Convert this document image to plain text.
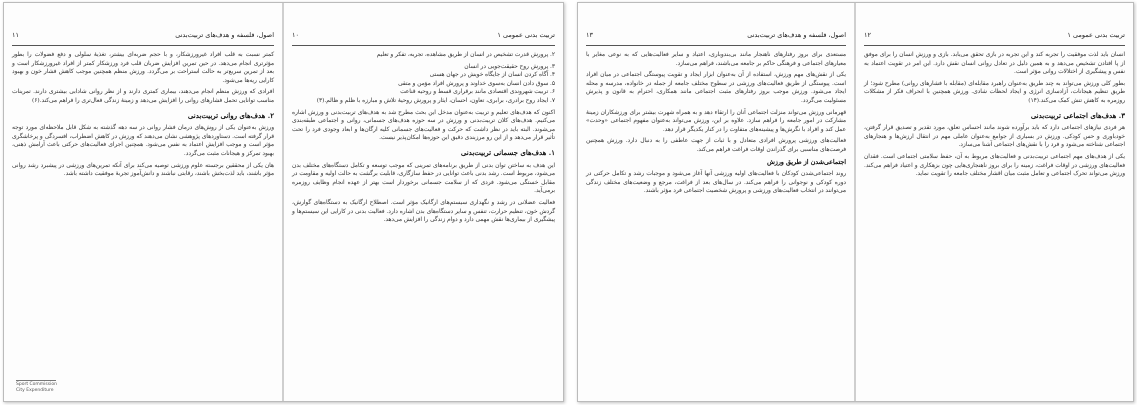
اصول، فلسفه و هدف‌های تربیت‌بدنی
۱۱

کمتر نسبت به قلب افراد غیرورزشکار، و با حجم ضربه‌ای بیشتر، تغذیهٔ سلولی و دفع فضولات را بطور مؤثرتری انجام می‌دهد. در حین تمرین افزایش ضربان قلب فرد ورزشکار کمتر از افراد غیرورزشکار است و بعد از تمرین سریع‌تر به حالت استراحت بر می‌گردد. ورزش منظم همچنین موجب کاهش فشار خون و بهبود کارایی ریه‌ها می‌شود.

افرادی که ورزش منظم انجام می‌دهند، بیماری کمتری دارند و از نظر روانی شادابی بیشتری دارند. تمرینات مناسب توانایی تحمل فشارهای روانی را افزایش می‌دهد و زمینهٔ زندگی فعال‌تری را فراهم می‌کند.(۶)

۲. هدف‌های روانی تربیت‌بدنی

ورزش به‌عنوان یکی از روش‌های درمان فشار روانی در سه دهه گذشته به شکل قابل ملاحظه‌ای مورد توجه قرار گرفته است. دستاوردهای پژوهشی نشان می‌دهند که ورزش در کاهش اضطراب، افسردگی و پرخاشگری مؤثر است و موجب افزایش اعتماد به نفس می‌شود. همچنین اجرای فعالیت‌های حرکتی باعث آرامش ذهنی، بهبود تمرکز و هیجانات مثبت می‌گردد.

هان یکی از محققین برجسته علوم ورزشی توصیه می‌کند برای آنکه تمرین‌های ورزشی در پیشبرد رشد روانی مؤثر باشند، باید لذت‌بخش باشند، رقابتی نباشند و دانش‌آموز تجربهٔ موفقیت داشته باشد.

Sport Commission
City Expenditure
تربیت بدنی عمومی ۱
۱۰

۲. پرورش قدرت تشخیص در انسان از طریق مشاهده، تجربه، تفکر و تعلیم

۳. پرورش روح حقیقت‌جویی در انسان

۴. آگاه کردن انسان از جایگاه خویش در جهان هستی

۵. سوق دادن انسان به‌سوی خداوند و پرورش افراد مؤمن و متقی

۶. تربیت شهروندی اقتصادی مانند برقراری قسط و روحیه قناعت

۷. ایجاد روح برادری، برابری، تعاون، احسان، ایثار و پرورش روحیهٔ تلاش و مبارزه با ظلم و ظالم.(۳)

اکنون که هدف‌های تعلیم و تربیت به‌عنوان مدخل این بحث مطرح شد به هدف‌های تربیت‌بدنی و ورزش اشاره می‌کنیم. هدف‌های کلان تربیت‌بدنی و ورزش در سه حوزه هدف‌های جسمانی، روانی و اجتماعی طبقه‌بندی می‌شوند. البته باید در نظر داشت که حرکت و فعالیت‌های جسمانی کلیه ارگان‌ها و ابعاد وجودی فرد را تحت تأثیر قرار می‌دهد و از این رو مرزبندی دقیق این حوزه‌ها امکان‌پذیر نیست.

۱. هدف‌های جسمانی تربیت‌بدنی

این هدف به ساختن توان بدنی از طریق برنامه‌های تمرینی که موجب توسعه و تکامل دستگاه‌های مختلف بدن می‌شود، مربوط است. رشد بدنی باعث توانایی در حفظ سازگاری، قابلیت برگشت به حالت اولیه و مقاومت در مقابل خستگی می‌شود. فردی که از سلامت جسمانی برخوردار است بهتر از عهده انجام وظایف روزمره برمی‌آید.

فعالیت عضلانی در رشد و نگهداری سیستم‌های ارگانیک مؤثر است. اصطلاح ارگانیک به دستگاه‌های گوارش، گردش خون، تنظیم حرارت، تنفس و سایر دستگاه‌های بدن اشاره دارد. فعالیت بدنی در کارایی این سیستم‌ها و پیشگیری از بیماری‌ها نقش مهمی دارد و دوام زندگی را افزایش می‌دهد.

اصول، فلسفه و هدف‌های تربیت‌بدنی
۱۳

مستعدی برای بروز رفتارهای ناهنجار مانند بی‌بندوباری، اعتیاد و سایر فعالیت‌هایی که به نوعی مغایر با معیارهای اجتماعی و فرهنگی حاکم بر جامعه می‌باشند، فراهم می‌سازد.

یکی از نقش‌های مهم ورزش، استفاده از آن به‌عنوان ابزار ایجاد و تقویت پیوستگی اجتماعی در میان افراد است. پیوستگی از طریق فعالیت‌های ورزشی در سطوح مختلف جامعه از جمله در خانواده، مدرسه و محله ایجاد می‌شود. ورزش موجب بروز رفتارهای مثبت اجتماعی مانند همکاری، احترام به قانون و پذیرش مسئولیت می‌گردد.

قهرمانی ورزش می‌تواند منزلت اجتماعی آنان را ارتقاء دهد و به همراه شهرت بیشتر برای ورزشکاران زمینهٔ مشارکت در امور جامعه را فراهم سازد. علاوه بر این، ورزش می‌تواند به‌عنوان مفهوم اجتماعی «وحدت» عمل کند و افراد با نگرش‌ها و پیشینه‌های متفاوت را در کنار یکدیگر قرار دهد.

فعالیت‌های ورزشی پرورش افرادی متعادل و با ثبات از جهت عاطفی را به دنبال دارد. ورزش همچنین فرصت‌های مناسبی برای گذراندن اوقات فراغت فراهم می‌کند.

اجتماعی‌شدن از طریق ورزش

روند اجتماعی‌شدن کودکان با فعالیت‌های اولیه ورزشی آنها آغاز می‌شود و موجبات رشد و تکامل حرکتی در دوره کودکی و نوجوانی را فراهم می‌کند. در سال‌های بعد از فراغت، مرجع و وضعیت‌های مختلف زندگی می‌توانند در انتخاب فعالیت‌های ورزشی و پرورش شخصیت اجتماعی فرد مؤثر باشند.

تربیت بدنی عمومی ۱
۱۲

انسان باید لذت موفقیت را تجربه کند و این تجربه در بازی تحقق می‌یابد. بازی و ورزش انسان را برای موفق از پا افتادن تشخیص می‌دهد و به همین دلیل در تعادل روانی انسان نقش دارد. این امر در تقویت اعتماد به نفس و پیشگیری از اختلالات روانی مؤثر است.

بطور کلی ورزش می‌تواند به چند طریق به‌عنوان راهبرد مقابله‌ای (مقابله با فشارهای روانی) مطرح شود؛ از طریق تنظیم هیجانات، آزادسازی انرژی و ایجاد لحظات شادی. ورزش همچنین با انحراف فکر از مشکلات روزمره به کاهش تنش کمک می‌کند.(۱۴)

۳. هدف‌های اجتماعی تربیت‌بدنی

هر فردی نیازهای اجتماعی دارد که باید برآورده شوند مانند احساس تعلق، مورد تقدیر و تصدیق قرار گرفتن، خودباوری و حس کودکی. ورزش در بسیاری از جوامع به‌عنوان عاملی مهم در انتقال ارزش‌ها و هنجارهای اجتماعی شناخته می‌شود و فرد را با نقش‌های اجتماعی آشنا می‌سازد.

یکی از هدف‌های مهم اجتماعی تربیت‌بدنی و فعالیت‌های مربوط به آن، حفظ سلامتی اجتماعی است. فقدان فعالیت‌های ورزشی در اوقات فراغت، زمینه را برای بروز ناهنجاری‌هایی چون بزهکاری و اعتیاد فراهم می‌کند. ورزش می‌تواند تحرک اجتماعی و تعامل مثبت میان اقشار مختلف جامعه را تقویت نماید.
